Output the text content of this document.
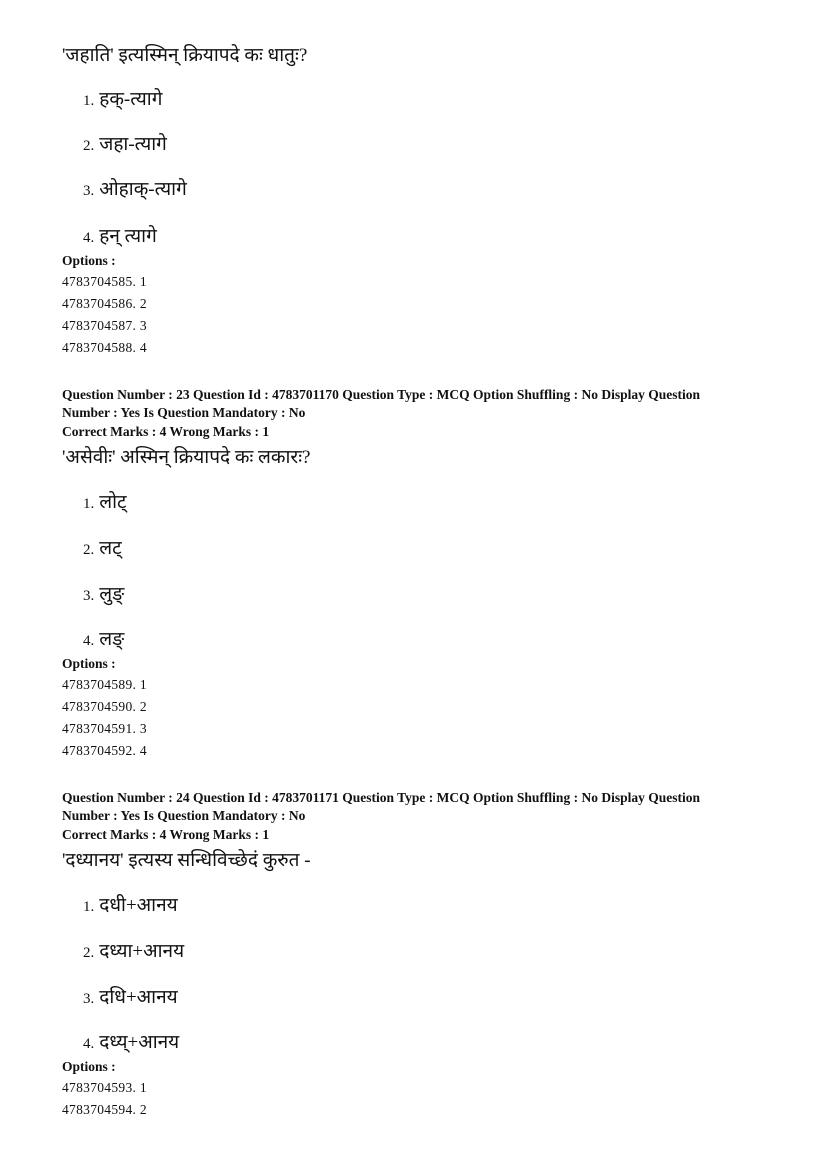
'जहाति' इत्यस्मिन् क्रियापदे कः धातुः?
1. हक्-त्यागे
2. जहा-त्यागे
3. ओहाक्-त्यागे
4. हन् त्यागे
Options :
4783704585. 1
4783704586. 2
4783704587. 3
4783704588. 4
Question Number : 23 Question Id : 4783701170 Question Type : MCQ Option Shuffling : No Display Question
Number : Yes Is Question Mandatory : No
Correct Marks : 4 Wrong Marks : 1
'असेवीः' अस्मिन् क्रियापदे कः लकारः?
1. लोट्
2. लट्
3. लुङ्
4. लङ्
Options :
4783704589. 1
4783704590. 2
4783704591. 3
4783704592. 4
Question Number : 24 Question Id : 4783701171 Question Type : MCQ Option Shuffling : No Display Question
Number : Yes Is Question Mandatory : No
Correct Marks : 4 Wrong Marks : 1
'दध्यानय' इत्यस्य सन्धिविच्छेदं कुरुत -
1. दधी+आनय
2. दध्या+आनय
3. दधि+आनय
4. दध्य्+आनय
Options :
4783704593. 1
4783704594. 2
